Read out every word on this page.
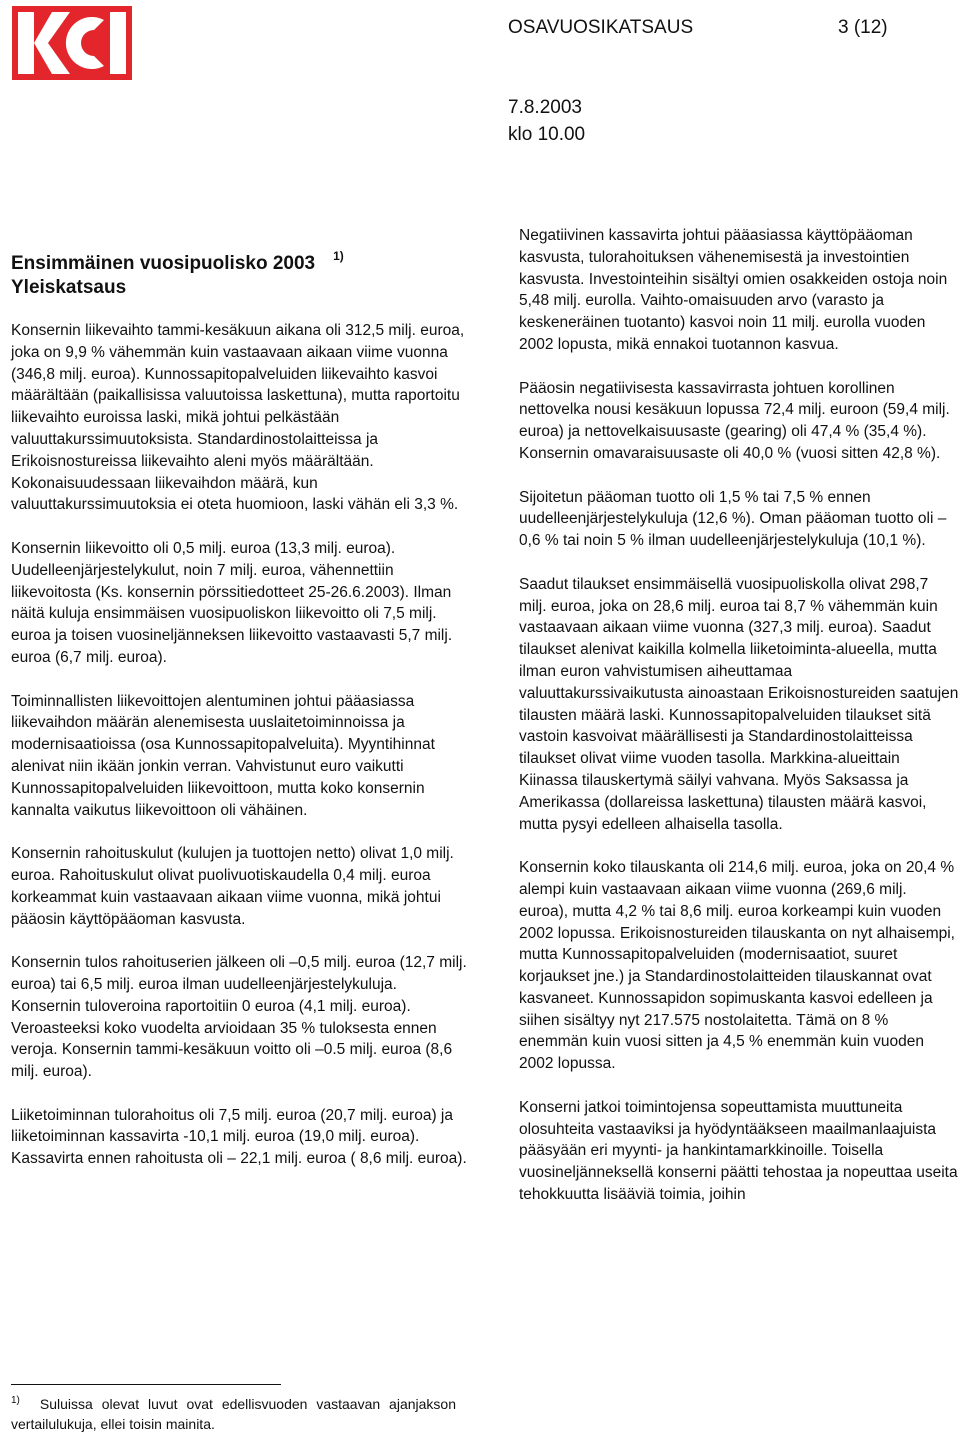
OSAVUOSIKATSAUS	3 (12)
7.8.2003
klo 10.00
Ensimmäinen vuosipuolisko 2003 $^{1)}$
Yleiskatsaus

Konsernin liikevaihto tammi-kesäkuun aikana oli 312,5 milj. euroa, joka on 9,9 % vähemmän kuin vastaavaan aikaan viime vuonna (346,8 milj. euroa). Kunnossapitopalveluiden liikevaihto kasvoi määrältään (paikallisissa valuutoissa laskettuna), mutta raportoitu liikevaihto euroissa laski, mikä johtui pelkästään valuuttakurssimuutoksista. Standardinostolaitteissa ja Erikoisnostureissa liikevaihto aleni myös määrältään. Kokonaisuudessaan liikevaihdon määrä, kun valuuttakurssimuutoksia ei oteta huomioon, laski vähän eli 3,3 %.

Konsernin liikevoitto oli 0,5 milj. euroa (13,3 milj. euroa). Uudelleenjärjestelykulut, noin 7 milj. euroa, vähennettiin liikevoitosta (Ks. konsernin pörssitiedotteet 25-26.6.2003). Ilman näitä kuluja ensimmäisen vuosipuoliskon liikevoitto oli 7,5 milj. euroa ja toisen vuosineljänneksen liikevoitto vastaavasti 5,7 milj. euroa (6,7 milj. euroa).

Toiminnallisten liikevoittojen alentuminen johtui pääasiassa liikevaihdon määrän alenemisesta uuslaitetoiminnoissa ja modernisaatioissa (osa Kunnossapitopalveluita). Myyntihinnat alenivat niin ikään jonkin verran. Vahvistunut euro vaikutti Kunnossapitopalveluiden liikevoittoon, mutta koko konsernin kannalta vaikutus liikevoittoon oli vähäinen.

Konsernin rahoituskulut (kulujen ja tuottojen netto) olivat 1,0 milj. euroa. Rahoituskulut olivat puolivuotiskaudella 0,4 milj. euroa korkeammat kuin vastaavaan aikaan viime vuonna, mikä johtui pääosin käyttöpääoman kasvusta.

Konsernin tulos rahoituserien jälkeen oli –0,5 milj. euroa (12,7 milj. euroa) tai 6,5 milj. euroa ilman uudelleenjärjestelykuluja. Konsernin tuloveroina raportoitiin 0 euroa (4,1 milj. euroa). Veroasteeksi koko vuodelta arvioidaan 35 % tuloksesta ennen veroja. Konsernin tammi-kesäkuun voitto oli –0.5 milj. euroa (8,6 milj. euroa).

Liiketoiminnan tulorahoitus oli 7,5 milj. euroa (20,7 milj. euroa) ja liiketoiminnan kassavirta -10,1 milj. euroa (19,0 milj. euroa). Kassavirta ennen rahoitusta oli – 22,1 milj. euroa ( 8,6 milj. euroa).

Negatiivinen kassavirta johtui pääasiassa käyttöpääoman kasvusta, tulorahoituksen vähenemisestä ja investointien kasvusta. Investointeihin sisältyi omien osakkeiden ostoja noin 5,48 milj. eurolla. Vaihto-omaisuuden arvo (varasto ja keskeneräinen tuotanto) kasvoi noin 11 milj. eurolla vuoden 2002 lopusta, mikä ennakoi tuotannon kasvua.

Pääosin negatiivisesta kassavirrasta johtuen korollinen nettovelka nousi kesäkuun lopussa 72,4 milj. euroon (59,4 milj. euroa) ja nettovelkaisuusaste (gearing) oli 47,4 % (35,4 %). Konsernin omavaraisuusaste oli 40,0 % (vuosi sitten 42,8 %).

Sijoitetun pääoman tuotto oli 1,5 % tai 7,5 % ennen uudelleenjärjestelykuluja (12,6 %). Oman pääoman tuotto oli –0,6 % tai noin 5 % ilman uudelleenjärjestelykuluja (10,1 %).

Saadut tilaukset ensimmäisellä vuosipuoliskolla olivat 298,7 milj. euroa, joka on 28,6 milj. euroa tai 8,7 % vähemmän kuin vastaavaan aikaan viime vuonna (327,3 milj. euroa). Saadut tilaukset alenivat kaikilla kolmella liiketoiminta-alueella, mutta ilman euron vahvistumisen aiheuttamaa valuuttakurssivaikutusta ainoastaan Erikoisnostureiden saatujen tilausten määrä laski. Kunnossapitopalveluiden tilaukset sitä vastoin kasvoivat määrällisesti ja Standardinostolaitteissa tilaukset olivat viime vuoden tasolla. Markkina-alueittain Kiinassa tilauskertymä säilyi vahvana. Myös Saksassa ja Amerikassa (dollareissa laskettuna) tilausten määrä kasvoi, mutta pysyi edelleen alhaisella tasolla.

Konsernin koko tilauskanta oli 214,6 milj. euroa, joka on 20,4 % alempi kuin vastaavaan aikaan viime vuonna (269,6 milj. euroa), mutta 4,2 % tai 8,6 milj. euroa korkeampi kuin vuoden 2002 lopussa. Erikoisnostureiden tilauskanta on nyt alhaisempi, mutta Kunnossapitopalveluiden (modernisaatiot, suuret korjaukset jne.) ja Standardinostolaitteiden tilauskannat ovat kasvaneet. Kunnossapidon sopimuskanta kasvoi edelleen ja siihen sisältyy nyt 217.575 nostolaitetta. Tämä on 8 % enemmän kuin vuosi sitten ja 4,5 % enemmän kuin vuoden 2002 lopussa.

Konserni jatkoi toimintojensa sopeuttamista muuttuneita olosuhteita vastaaviksi ja hyödyntääkseen maailmanlaajuista pääsyään eri myynti- ja hankintamarkkinoille. Toisella vuosineljänneksellä konserni päätti tehostaa ja nopeuttaa useita tehokkuutta lisääviä toimia, joihin

$^{1)}$ Suluissa olevat luvut ovat edellisvuoden vastaavan ajanjakson vertailulukuja, ellei toisin mainita.
